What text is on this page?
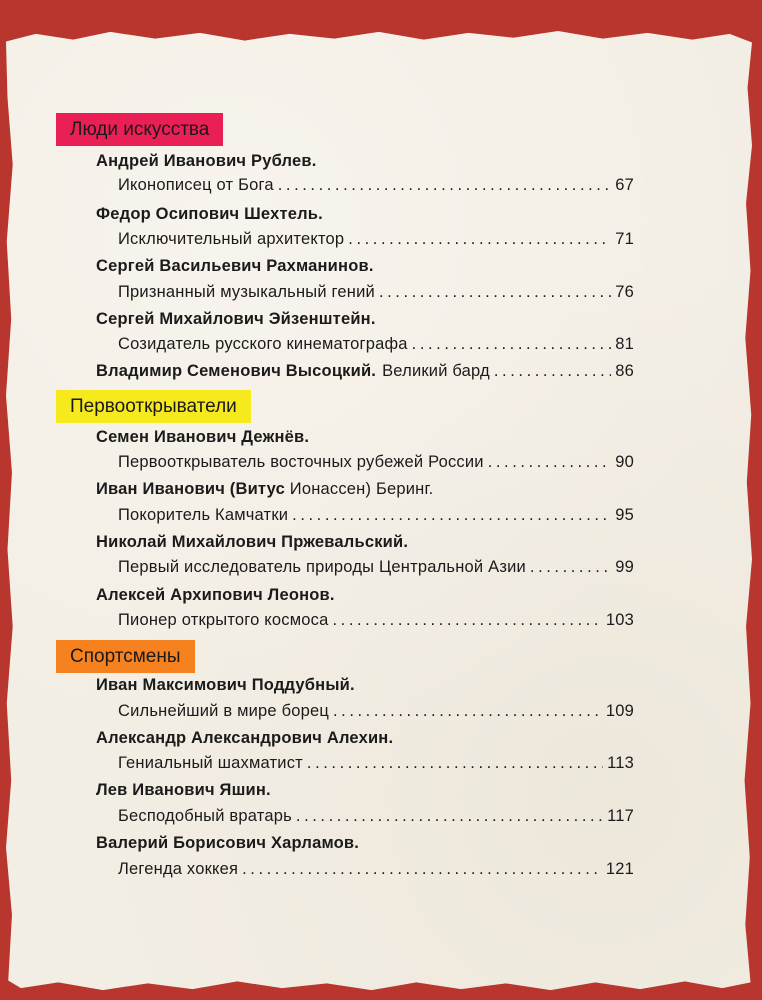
Люди искусства
Андрей Иванович Рублев.
Иконописец от Бога . . .	67
Федор Осипович Шехтель.
Исключительный архитектор . . .	71
Сергей Васильевич Рахманинов.
Признанный музыкальный гений . . .	76
Сергей Михайлович Эйзенштейн.
Созидатель русского кинематографа . . .	81
Владимир Семенович Высоцкий. Великий бард . . .	86
Первооткрыватели
Семен Иванович Дежнёв.
Первооткрыватель восточных рубежей России . . .	90
Иван Иванович (Витус Ионассен) Беринг.
Покоритель Камчатки . . .	95
Николай Михайлович Пржевальский.
Первый исследователь природы Центральной Азии . . .	99
Алексей Архипович Леонов.
Пионер открытого космоса . . .	103
Спортсмены
Иван Максимович Поддубный.
Сильнейший в мире борец . . .	109
Александр Александрович Алехин.
Гениальный шахматист . . .	113
Лев Иванович Яшин.
Бесподобный вратарь . . .	117
Валерий Борисович Харламов.
Легенда хоккея . . .	121
